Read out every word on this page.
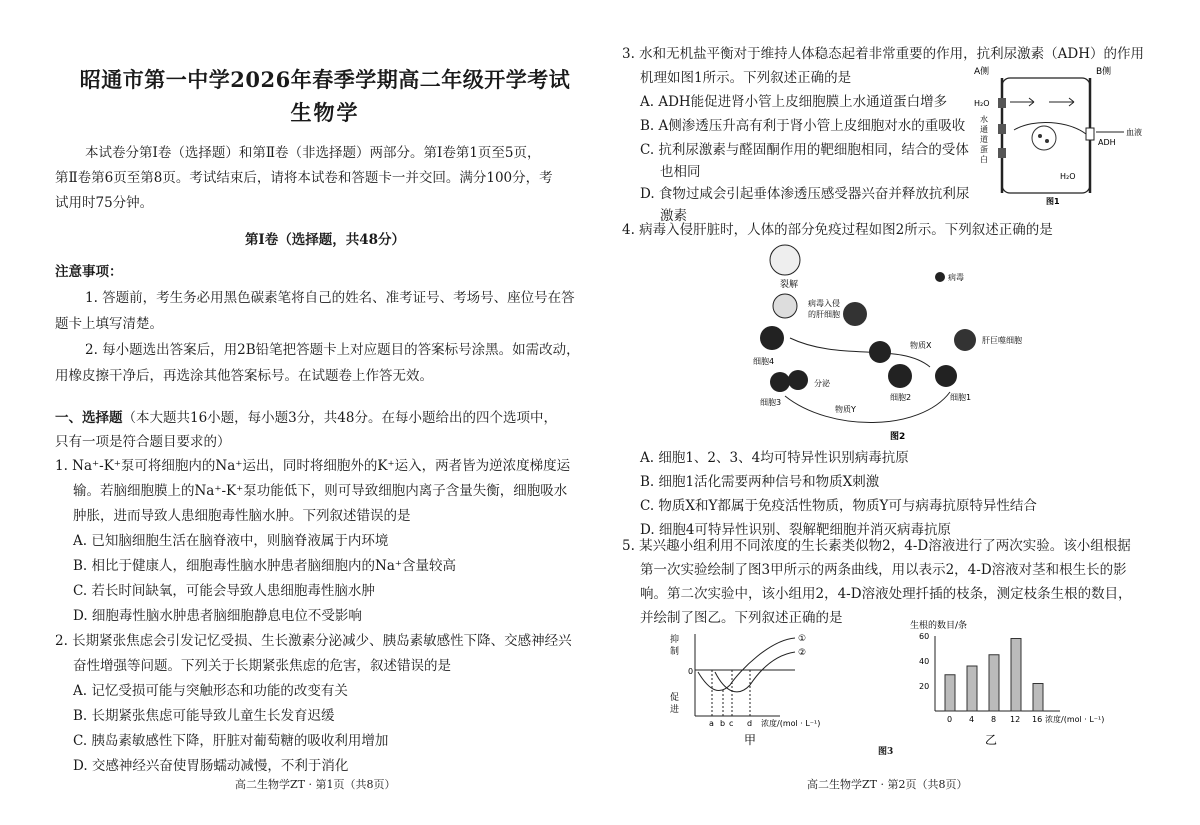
昭通市第一中学2026年春季学期高二年级开学考试
生物学
本试卷分第Ⅰ卷（选择题）和第Ⅱ卷（非选择题）两部分。第Ⅰ卷第1页至5页，
第Ⅱ卷第6页至第8页。考试结束后，请将本试卷和答题卡一并交回。满分100分，考
试用时75分钟。
第Ⅰ卷（选择题，共48分）
注意事项：
1. 答题前，考生务必用黑色碳素笔将自己的姓名、准考证号、考场号、座位号在答
题卡上填写清楚。
2. 每小题选出答案后，用2B铅笔把答题卡上对应题目的答案标号涂黑。如需改动，
用橡皮擦干净后，再选涂其他答案标号。在试题卷上作答无效。
一、选择题（本大题共16小题，每小题3分，共48分。在每小题给出的四个选项中，
只有一项是符合题目要求的）
1. Na⁺-K⁺泵可将细胞内的Na⁺运出，同时将细胞外的K⁺运入，两者皆为逆浓度梯度运
输。若脑细胞膜上的Na⁺-K⁺泵功能低下，则可导致细胞内离子含量失衡，细胞吸水
肿胀，进而导致人患细胞毒性脑水肿。下列叙述错误的是
A. 已知脑细胞生活在脑脊液中，则脑脊液属于内环境
B. 相比于健康人，细胞毒性脑水肿患者脑细胞内的Na⁺含量较高
C. 若长时间缺氧，可能会导致人患细胞毒性脑水肿
D. 细胞毒性脑水肿患者脑细胞静息电位不受影响
2. 长期紧张焦虑会引发记忆受损、生长激素分泌减少、胰岛素敏感性下降、交感神经兴
奋性增强等问题。下列关于长期紧张焦虑的危害，叙述错误的是
A. 记忆受损可能与突触形态和功能的改变有关
B. 长期紧张焦虑可能导致儿童生长发育迟缓
C. 胰岛素敏感性下降，肝脏对葡萄糖的吸收利用增加
D. 交感神经兴奋使胃肠蠕动减慢，不利于消化
高二生物学ZT · 第1页（共8页）
3. 水和无机盐平衡对于维持人体稳态起着非常重要的作用，抗利尿激素（ADH）的作用
机理如图1所示。下列叙述正确的是
A. ADH能促进肾小管上皮细胞膜上水通道蛋白增多
B. A侧渗透压升高有利于肾小管上皮细胞对水的重吸收
C. 抗利尿激素与醛固酮作用的靶细胞相同，结合的受体
也相同
D. 食物过咸会引起垂体渗透压感受器兴奋并释放抗利尿
激素
A侧	B侧
H₂O
水
通
道
蛋
白
ADH
血液
H₂O
图1
4. 病毒入侵肝脏时，人体的部分免疫过程如图2所示。下列叙述正确的是
裂解
病毒入侵
的肝细胞
病毒
肝巨噬细胞
细胞4
物质X
细胞2	细胞1
细胞3
分泌
物质Y
图2
A. 细胞1、2、3、4均可特异性识别病毒抗原
B. 细胞1活化需要两种信号和物质X刺激
C. 物质X和Y都属于免疫活性物质，物质Y可与病毒抗原特异性结合
D. 细胞4可特异性识别、裂解靶细胞并消灭病毒抗原
5. 某兴趣小组利用不同浓度的生长素类似物2，4-D溶液进行了两次实验。该小组根据
第一次实验绘制了图3甲所示的两条曲线，用以表示2，4-D溶液对茎和根生长的影
响。第二次实验中，该小组用2，4-D溶液处理扦插的枝条，测定枝条生根的数目，
并绘制了图乙。下列叙述正确的是
抑
制
促
进
0
①
②
a b c d 浓度/(mol · L⁻¹)
甲
生根的数目/条
20
40
60
0 4 8 12 16 浓度/(mol · L⁻¹)
乙
图3
高二生物学ZT · 第2页（共8页）
